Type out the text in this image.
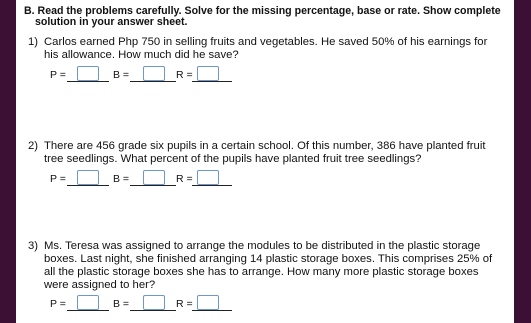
B. Read the problems carefully. Solve for the missing percentage, base or rate. Show complete
solution in your answer sheet.
1) Carlos earned Php 750 in selling fruits and vegetables. He saved 50% of his earnings for
his allowance. How much did he save?
P =	B =	R =
2) There are 456 grade six pupils in a certain school. Of this number, 386 have planted fruit
tree seedlings. What percent of the pupils have planted fruit tree seedlings?
P =	B =	R =
3) Ms. Teresa was assigned to arrange the modules to be distributed in the plastic storage
boxes. Last night, she finished arranging 14 plastic storage boxes. This comprises 25% of
all the plastic storage boxes she has to arrange. How many more plastic storage boxes
were assigned to her?
P =	B =	R =
